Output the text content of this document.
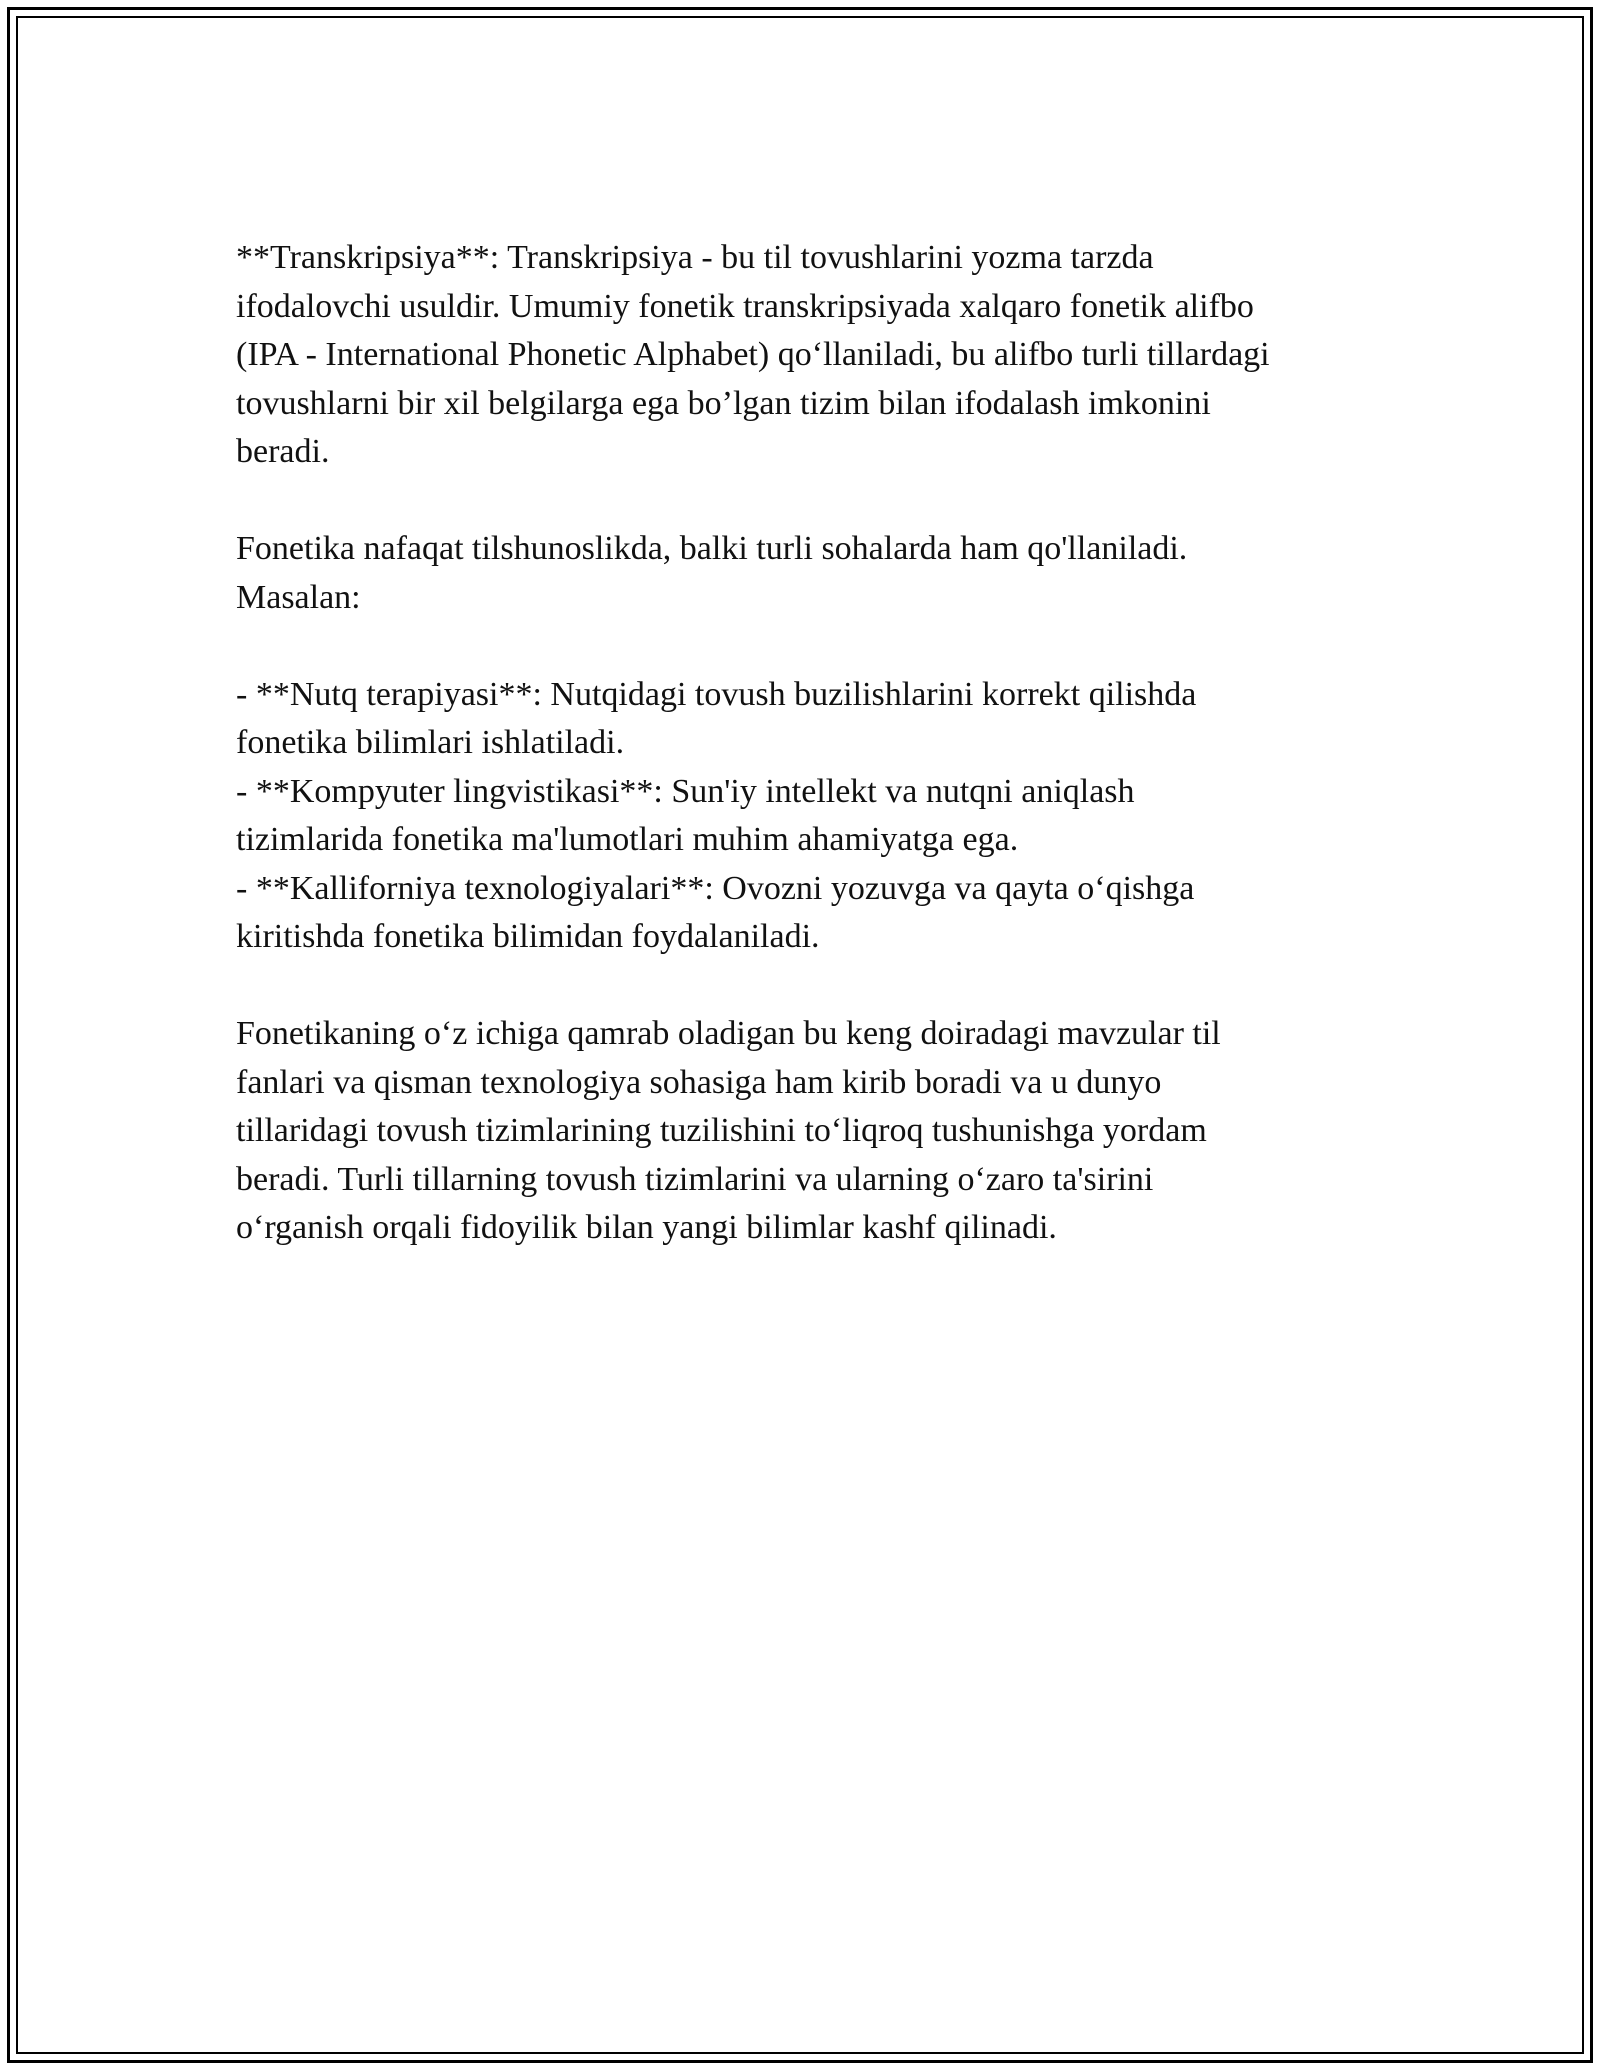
**Transkripsiya**: Transkripsiya - bu til tovushlarini yozma tarzda
ifodalovchi usuldir. Umumiy fonetik transkripsiyada xalqaro fonetik alifbo
(IPA - International Phonetic Alphabet) qo‘llaniladi, bu alifbo turli tillardagi
tovushlarni bir xil belgilarga ega bo’lgan tizim bilan ifodalash imkonini
beradi.

Fonetika nafaqat tilshunoslikda, balki turli sohalarda ham qo'llaniladi.
Masalan:

- **Nutq terapiyasi**: Nutqidagi tovush buzilishlarini korrekt qilishda
fonetika bilimlari ishlatiladi.
- **Kompyuter lingvistikasi**: Sun'iy intellekt va nutqni aniqlash
tizimlarida fonetika ma'lumotlari muhim ahamiyatga ega.
- **Kalliforniya texnologiyalari**: Ovozni yozuvga va qayta o‘qishga
kiritishda fonetika bilimidan foydalaniladi.

Fonetikaning o‘z ichiga qamrab oladigan bu keng doiradagi mavzular til
fanlari va qisman texnologiya sohasiga ham kirib boradi va u dunyo
tillaridagi tovush tizimlarining tuzilishini to‘liqroq tushunishga yordam
beradi. Turli tillarning tovush tizimlarini va ularning o‘zaro ta'sirini
o‘rganish orqali fidoyilik bilan yangi bilimlar kashf qilinadi.
